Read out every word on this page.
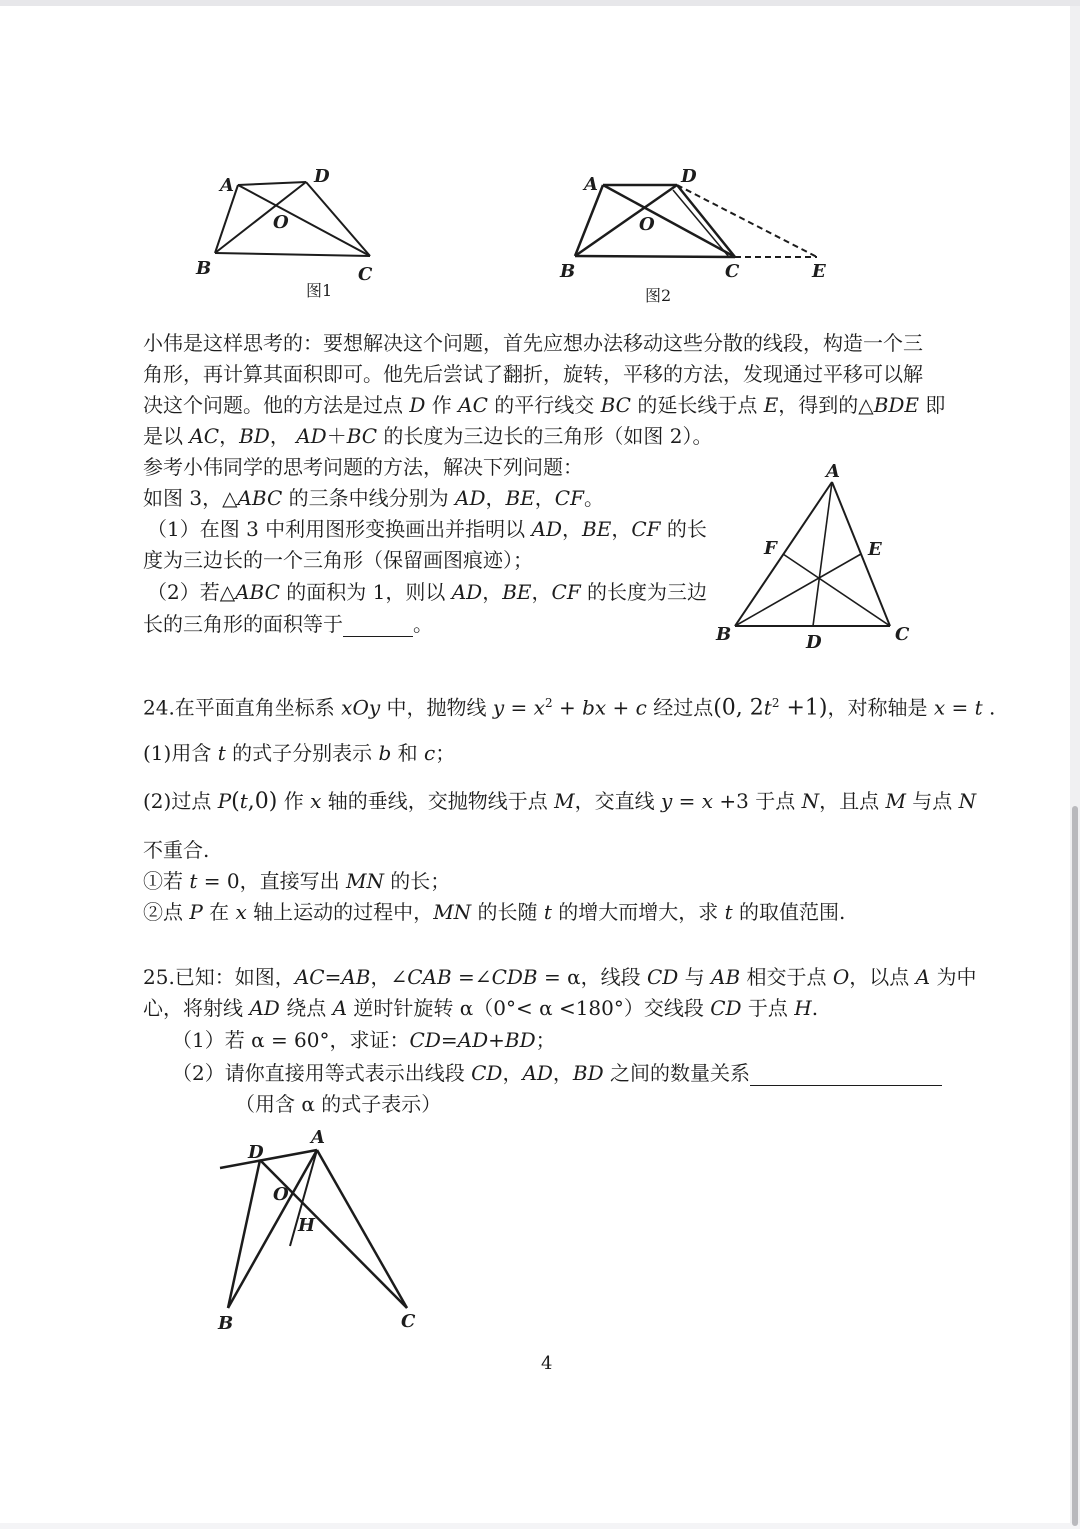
A	D
O
B	C
图1
A	D
O
B	C	E
图2
A
F	E
B	D	C
D
A
O
H
B	C
小伟是这样思考的：要想解决这个问题，首先应想办法移动这些分散的线段，构造一个三
角形，再计算其面积即可。他先后尝试了翻折，旋转，平移的方法，发现通过平移可以解
决这个问题。他的方法是过点 D 作 AC 的平行线交 BC 的延长线于点 E，得到的△BDE 即
是以 AC，BD， AD＋BC 的长度为三边长的三角形（如图 2）。
参考小伟同学的思考问题的方法，解决下列问题：
如图 3，△ABC 的三条中线分别为 AD，BE，CF。
（1）在图 3 中利用图形变换画出并指明以 AD，BE，CF 的长
度为三边长的一个三角形（保留画图痕迹）；
（2）若△ABC 的面积为 1，则以 AD，BE，CF 的长度为三边
长的三角形的面积等于	。
24.在平面直角坐标系 xOy 中，抛物线 $y = x^2$ + bx + c 经过点(0, $2t^2 +1$)，对称轴是 x = t .
(1)用含 t 的式子分别表示 b 和 c；
(2)过点 P(t,0) 作 x 轴的垂线，交抛物线于点 M，交直线 y = x +3 于点 N，且点 M 与点 N
不重合.
①若 t = 0，直接写出 MN 的长；
②点 P 在 x 轴上运动的过程中，MN 的长随 t 的增大而增大，求 t 的取值范围.
25.已知：如图，AC=AB，∠CAB =∠CDB = α，线段 CD 与 AB 相交于点 O，以点 A 为中
心，将射线 AD 绕点 A 逆时针旋转 α（0°< α <180°）交线段 CD 于点 H.
（1）若 α = 60°，求证：CD=AD+BD；
（2）请你直接用等式表示出线段 CD，AD，BD 之间的数量关系
（用含 α 的式子表示）
4
